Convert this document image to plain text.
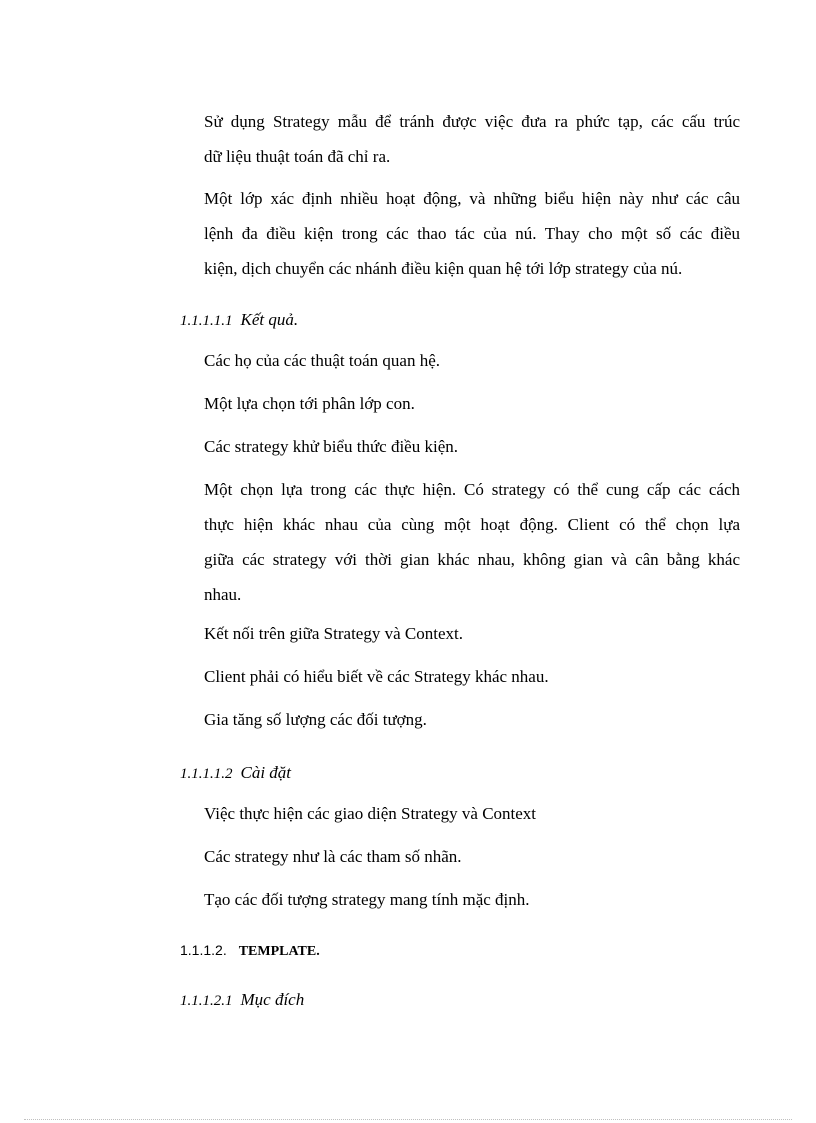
Sử dụng Strategy mẫu để tránh được việc đưa ra phức tạp, các cấu trúc
dữ liệu thuật toán đã chỉ ra.
Một lớp xác định nhiều hoạt động, và những biểu hiện này như các câu
lệnh đa điều kiện trong các thao tác của nú. Thay cho một số các điều
kiện, dịch chuyển các nhánh điều kiện quan hệ tới lớp strategy của nú.

1.1.1.1.1 Kết quả.

Các họ của các thuật toán quan hệ.

Một lựa chọn tới phân lớp con.

Các strategy khử biểu thức điều kiện.

Một chọn lựa trong các thực hiện. Có strategy có thể cung cấp các cách
thực hiện khác nhau của cùng một hoạt động. Client có thể chọn lựa
giữa các strategy với thời gian khác nhau, không gian và cân bằng khác
nhau.

Kết nối trên giữa Strategy và Context.

Client phải có hiểu biết về các Strategy khác nhau.

Gia tăng số lượng các đối tượng.

1.1.1.1.2 Cài đặt

Việc thực hiện các giao diện Strategy và Context

Các strategy như là các tham số nhãn.

Tạo các đối tượng strategy mang tính mặc định.

1.1.1.2. TEMPLATE.

1.1.1.2.1 Mục đích
